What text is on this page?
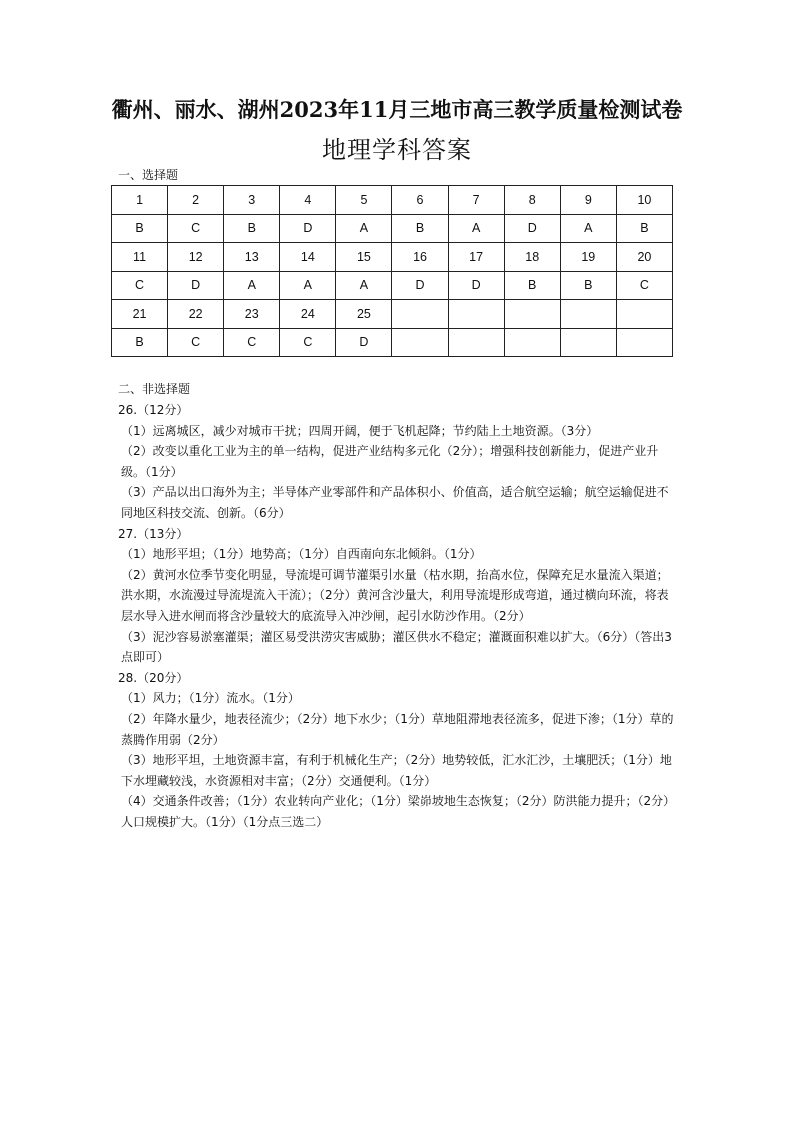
衢州、丽水、湖州2023年11月三地市高三教学质量检测试卷
地理学科答案
一、选择题
1	2	3	4	5	6	7	8	9	10
B	C	B	D	A	B	A	D	A	B
11	12	13	14	15	16	17	18	19	20
C	D	A	A	A	D	D	B	B	C
21	22	23	24	25					
B	C	C	C	D					
二、非选择题
26.（12分）
（1）远离城区，减少对城市干扰；四周开阔，便于飞机起降；节约陆上土地资源。（3分）
（2）改变以重化工业为主的单一结构，促进产业结构多元化（2分）；增强科技创新能力，促进产业升级。（1分）
（3）产品以出口海外为主；半导体产业零部件和产品体积小、价值高，适合航空运输；航空运输促进不同地区科技交流、创新。（6分）
27.（13分）
（1）地形平坦；（1分）地势高；（1分）自西南向东北倾斜。（1分）
（2）黄河水位季节变化明显，导流堤可调节灌渠引水量（枯水期，抬高水位，保障充足水量流入渠道；洪水期，水流漫过导流堤流入干流）；（2分）黄河含沙量大，利用导流堤形成弯道，通过横向环流，将表层水导入进水闸而将含沙量较大的底流导入冲沙闸，起引水防沙作用。（2分）
（3）泥沙容易淤塞灌渠；灌区易受洪涝灾害威胁；灌区供水不稳定；灌溉面积难以扩大。（6分）（答出3点即可）
28.（20分）
（1）风力；（1分）流水。（1分）
（2）年降水量少，地表径流少；（2分）地下水少；（1分）草地阻滞地表径流多，促进下渗；（1分）草的蒸腾作用弱（2分）
（3）地形平坦，土地资源丰富，有利于机械化生产；（2分）地势较低，汇水汇沙，土壤肥沃；（1分）地下水埋藏较浅，水资源相对丰富；（2分）交通便利。（1分）
（4）交通条件改善；（1分）农业转向产业化；（1分）梁峁坡地生态恢复；（2分）防洪能力提升；（2分）人口规模扩大。（1分）（1分点三选二）
